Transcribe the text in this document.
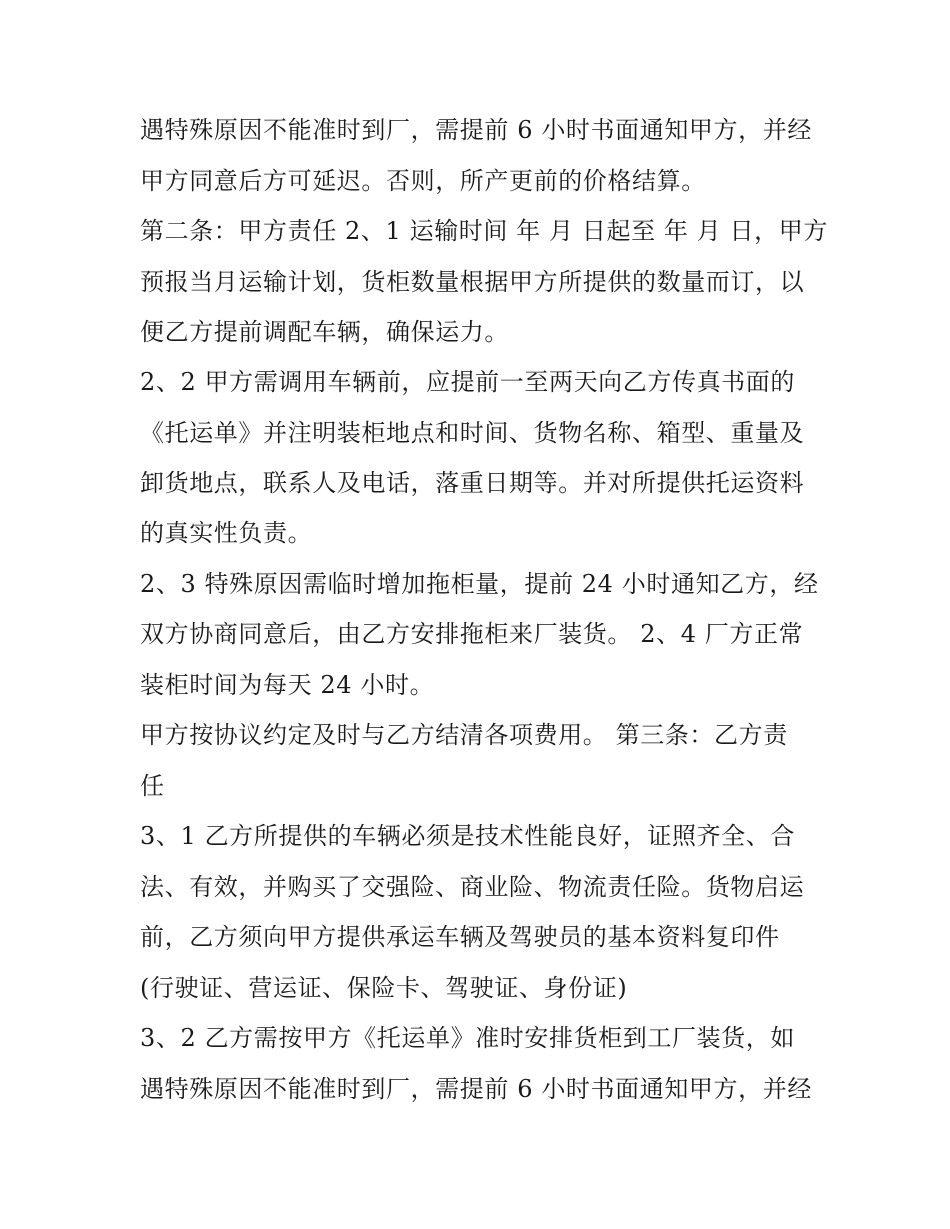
遇特殊原因不能准时到厂，需提前 6 小时书面通知甲方，并经
甲方同意后方可延迟。否则，所产更前的价格结算。
第二条：甲方责任 2、1 运输时间 年 月 日起至 年 月 日，甲方
预报当月运输计划，货柜数量根据甲方所提供的数量而订，以
便乙方提前调配车辆，确保运力。
2、2 甲方需调用车辆前，应提前一至两天向乙方传真书面的
《托运单》并注明装柜地点和时间、货物名称、箱型、重量及
卸货地点，联系人及电话，落重日期等。并对所提供托运资料
的真实性负责。
2、3 特殊原因需临时增加拖柜量，提前 24 小时通知乙方，经
双方协商同意后，由乙方安排拖柜来厂装货。 2、4 厂方正常
装柜时间为每天 24 小时。
甲方按协议约定及时与乙方结清各项费用。 第三条：乙方责
任
3、1 乙方所提供的车辆必须是技术性能良好，证照齐全、合
法、有效，并购买了交强险、商业险、物流责任险。货物启运
前，乙方须向甲方提供承运车辆及驾驶员的基本资料复印件
(行驶证、营运证、保险卡、驾驶证、身份证)
3、2 乙方需按甲方《托运单》准时安排货柜到工厂装货，如
遇特殊原因不能准时到厂，需提前 6 小时书面通知甲方，并经
